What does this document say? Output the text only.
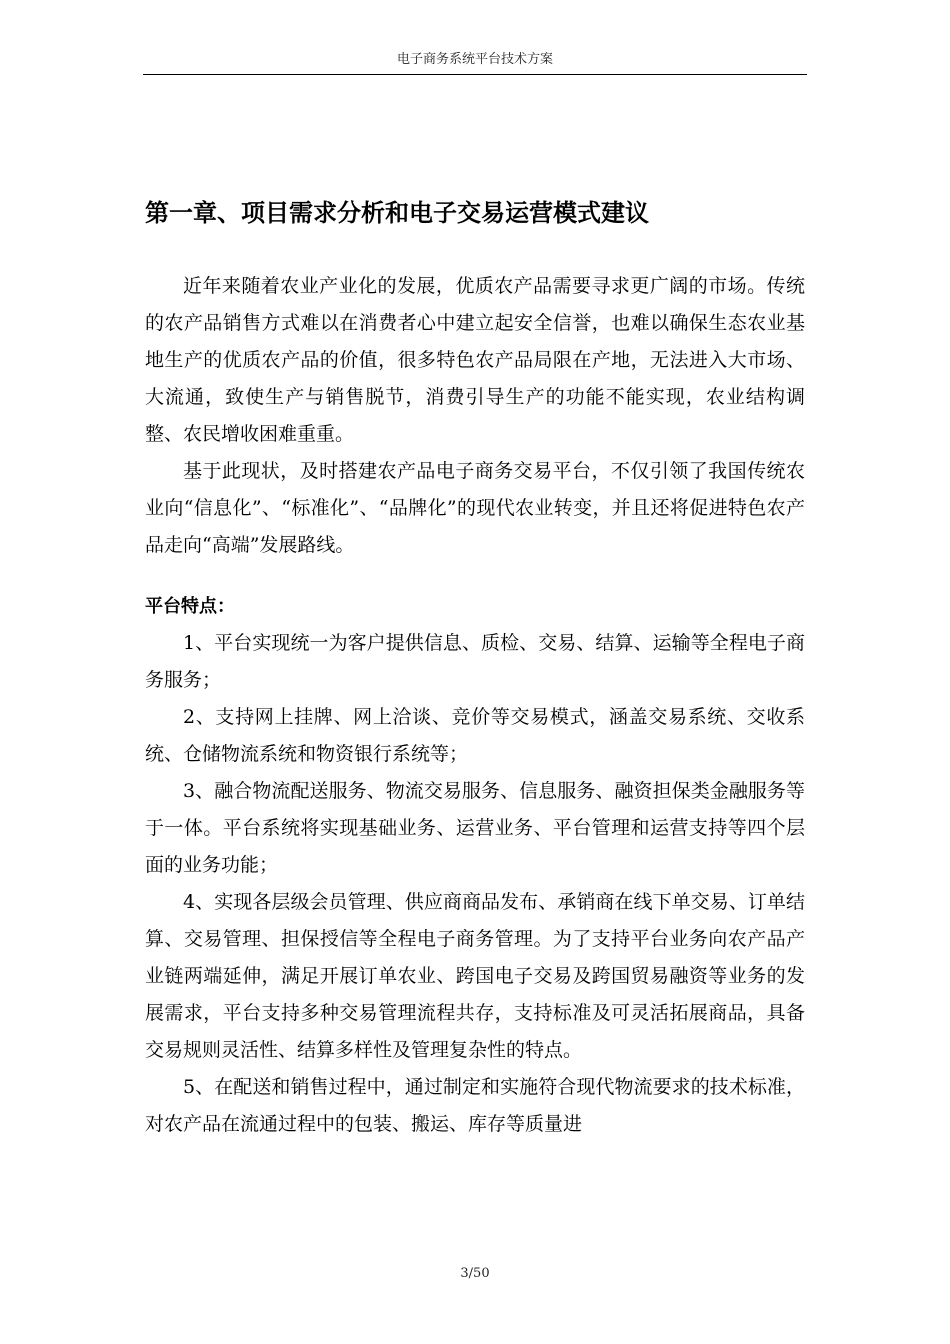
电子商务系统平台技术方案
第一章、项目需求分析和电子交易运营模式建议

近年来随着农业产业化的发展，优质农产品需要寻求更广阔的市场。传统的农产品销售方式难以在消费者心中建立起安全信誉，也难以确保生态农业基地生产的优质农产品的价值，很多特色农产品局限在产地，无法进入大市场、大流通，致使生产与销售脱节，消费引导生产的功能不能实现，农业结构调整、农民增收困难重重。

基于此现状，及时搭建农产品电子商务交易平台，不仅引领了我国传统农业向“信息化”、“标准化”、“品牌化”的现代农业转变，并且还将促进特色农产品走向“高端”发展路线。

平台特点：

1、平台实现统一为客户提供信息、质检、交易、结算、运输等全程电子商务服务；

2、支持网上挂牌、网上洽谈、竞价等交易模式，涵盖交易系统、交收系统、仓储物流系统和物资银行系统等；

3、融合物流配送服务、物流交易服务、信息服务、融资担保类金融服务等于一体。平台系统将实现基础业务、运营业务、平台管理和运营支持等四个层面的业务功能；

4、实现各层级会员管理、供应商商品发布、承销商在线下单交易、订单结算、交易管理、担保授信等全程电子商务管理。为了支持平台业务向农产品产业链两端延伸，满足开展订单农业、跨国电子交易及跨国贸易融资等业务的发展需求，平台支持多种交易管理流程共存，支持标准及可灵活拓展商品，具备交易规则灵活性、结算多样性及管理复杂性的特点。

5、在配送和销售过程中，通过制定和实施符合现代物流要求的技术标准，对农产品在流通过程中的包装、搬运、库存等质量进

3/50
